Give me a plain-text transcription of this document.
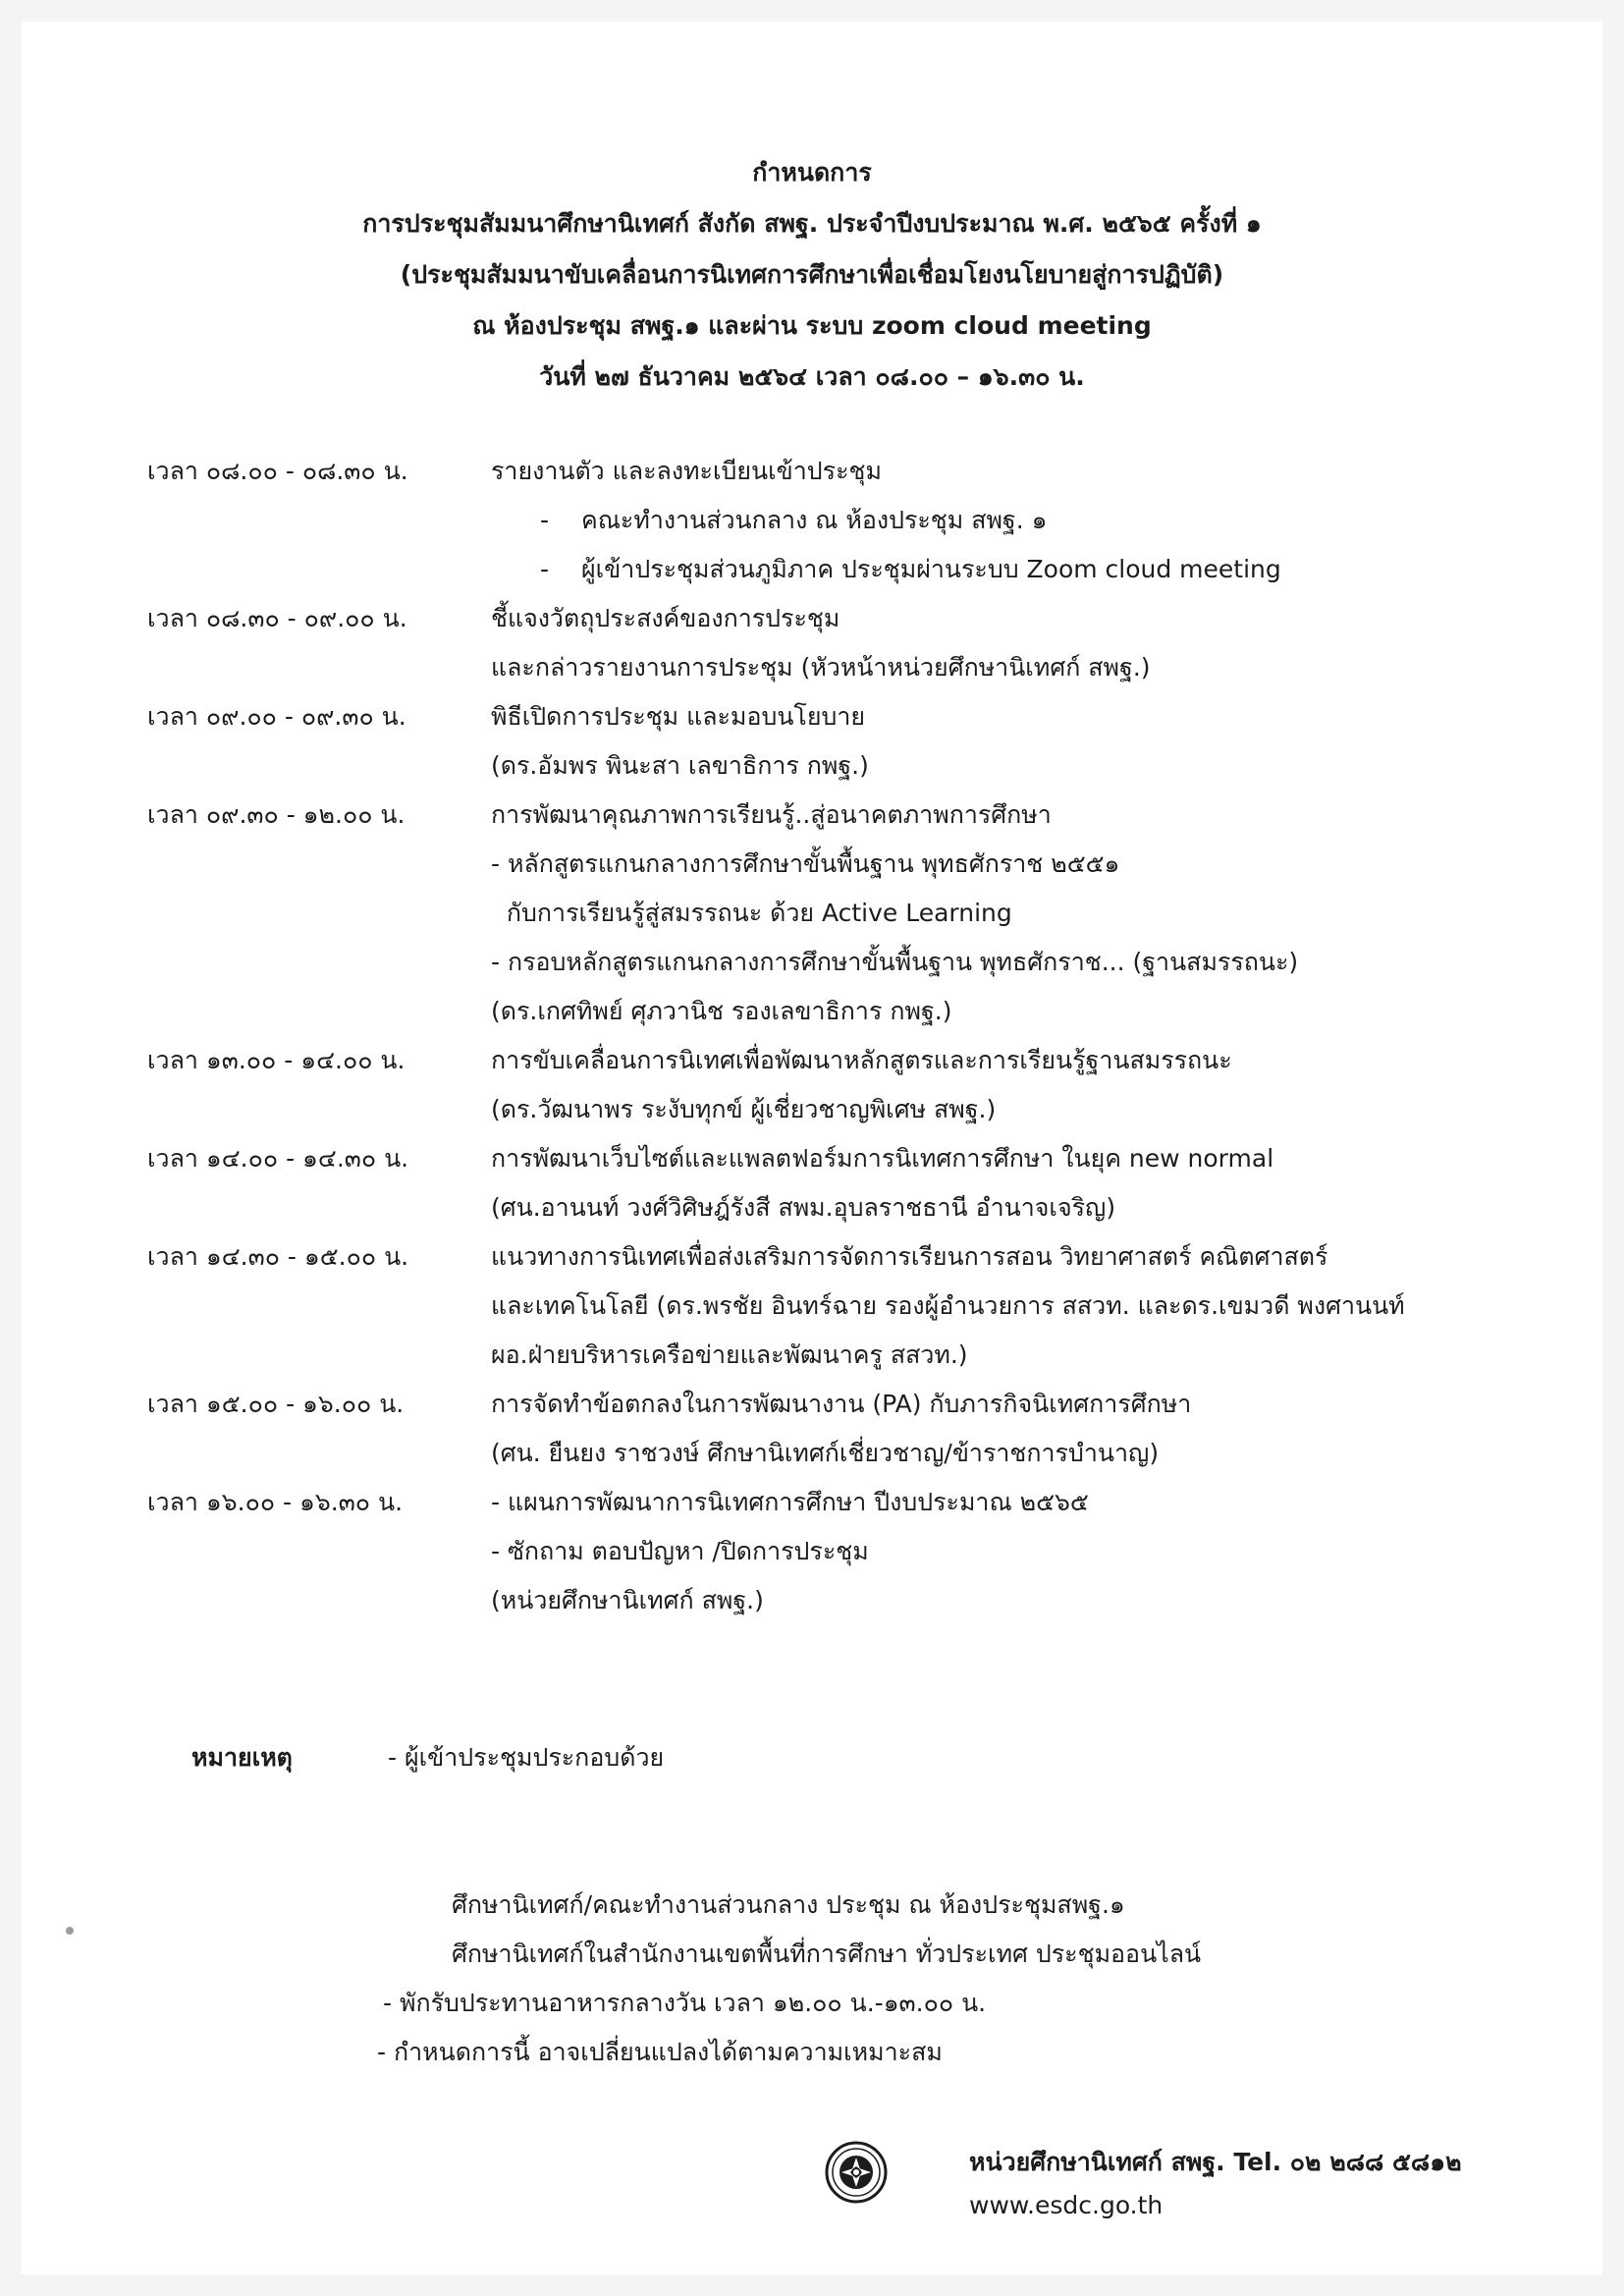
กำหนดการ
การประชุมสัมมนาศึกษานิเทศก์ สังกัด สพฐ. ประจำปีงบประมาณ พ.ศ. ๒๕๖๕ ครั้งที่ ๑
(ประชุมสัมมนาขับเคลื่อนการนิเทศการศึกษาเพื่อเชื่อมโยงนโยบายสู่การปฏิบัติ)
ณ ห้องประชุม สพฐ.๑ และผ่าน ระบบ zoom cloud meeting
วันที่ ๒๗ ธันวาคม ๒๕๖๔ เวลา ๐๘.๐๐ – ๑๖.๓๐ น.
เวลา ๐๘.๐๐ - ๐๘.๓๐ น.	รายงานตัว และลงทะเบียนเข้าประชุม
- คณะทำงานส่วนกลาง ณ ห้องประชุม สพฐ. ๑
- ผู้เข้าประชุมส่วนภูมิภาค ประชุมผ่านระบบ Zoom cloud meeting
เวลา ๐๘.๓๐ - ๐๙.๐๐ น.	ชี้แจงวัตถุประสงค์ของการประชุม
และกล่าวรายงานการประชุม (หัวหน้าหน่วยศึกษานิเทศก์ สพฐ.)
เวลา ๐๙.๐๐ - ๐๙.๓๐ น.	พิธีเปิดการประชุม และมอบนโยบาย
(ดร.อัมพร พินะสา เลขาธิการ กพฐ.)
เวลา ๐๙.๓๐ - ๑๒.๐๐ น.	การพัฒนาคุณภาพการเรียนรู้..สู่อนาคตภาพการศึกษา
- หลักสูตรแกนกลางการศึกษาขั้นพื้นฐาน พุทธศักราช ๒๕๕๑
กับการเรียนรู้สู่สมรรถนะ ด้วย Active Learning
- กรอบหลักสูตรแกนกลางการศึกษาขั้นพื้นฐาน พุทธศักราช... (ฐานสมรรถนะ)
(ดร.เกศทิพย์ ศุภวานิช รองเลขาธิการ กพฐ.)
เวลา ๑๓.๐๐ - ๑๔.๐๐ น.	การขับเคลื่อนการนิเทศเพื่อพัฒนาหลักสูตรและการเรียนรู้ฐานสมรรถนะ
(ดร.วัฒนาพร ระงับทุกข์ ผู้เชี่ยวชาญพิเศษ สพฐ.)
เวลา ๑๔.๐๐ - ๑๔.๓๐ น.	การพัฒนาเว็บไซต์และแพลตฟอร์มการนิเทศการศึกษา ในยุค new normal
(ศน.อานนท์ วงศ์วิศิษฎ์รังสี สพม.อุบลราชธานี อำนาจเจริญ)
เวลา ๑๔.๓๐ - ๑๕.๐๐ น.	แนวทางการนิเทศเพื่อส่งเสริมการจัดการเรียนการสอน วิทยาศาสตร์ คณิตศาสตร์
และเทคโนโลยี (ดร.พรชัย อินทร์ฉาย รองผู้อำนวยการ สสวท. และดร.เขมวดี พงศานนท์
ผอ.ฝ่ายบริหารเครือข่ายและพัฒนาครู สสวท.)
เวลา ๑๕.๐๐ - ๑๖.๐๐ น.	การจัดทำข้อตกลงในการพัฒนางาน (PA) กับภารกิจนิเทศการศึกษา
(ศน. ยืนยง ราชวงษ์ ศึกษานิเทศก์เชี่ยวชาญ/ข้าราชการบำนาญ)
เวลา ๑๖.๐๐ - ๑๖.๓๐ น.	- แผนการพัฒนาการนิเทศการศึกษา ปีงบประมาณ ๒๕๖๕
- ซักถาม ตอบปัญหา /ปิดการประชุม
(หน่วยศึกษานิเทศก์ สพฐ.)
หมายเหตุ	- ผู้เข้าประชุมประกอบด้วย
ศึกษานิเทศก์/คณะทำงานส่วนกลาง ประชุม ณ ห้องประชุมสพฐ.๑
ศึกษานิเทศก์ในสำนักงานเขตพื้นที่การศึกษา ทั่วประเทศ ประชุมออนไลน์
- พักรับประทานอาหารกลางวัน เวลา ๑๒.๐๐ น.-๑๓.๐๐ น.
- กำหนดการนี้ อาจเปลี่ยนแปลงได้ตามความเหมาะสม
หน่วยศึกษานิเทศก์ สพฐ. Tel. ๐๒ ๒๘๘ ๕๘๑๒
www.esdc.go.th
